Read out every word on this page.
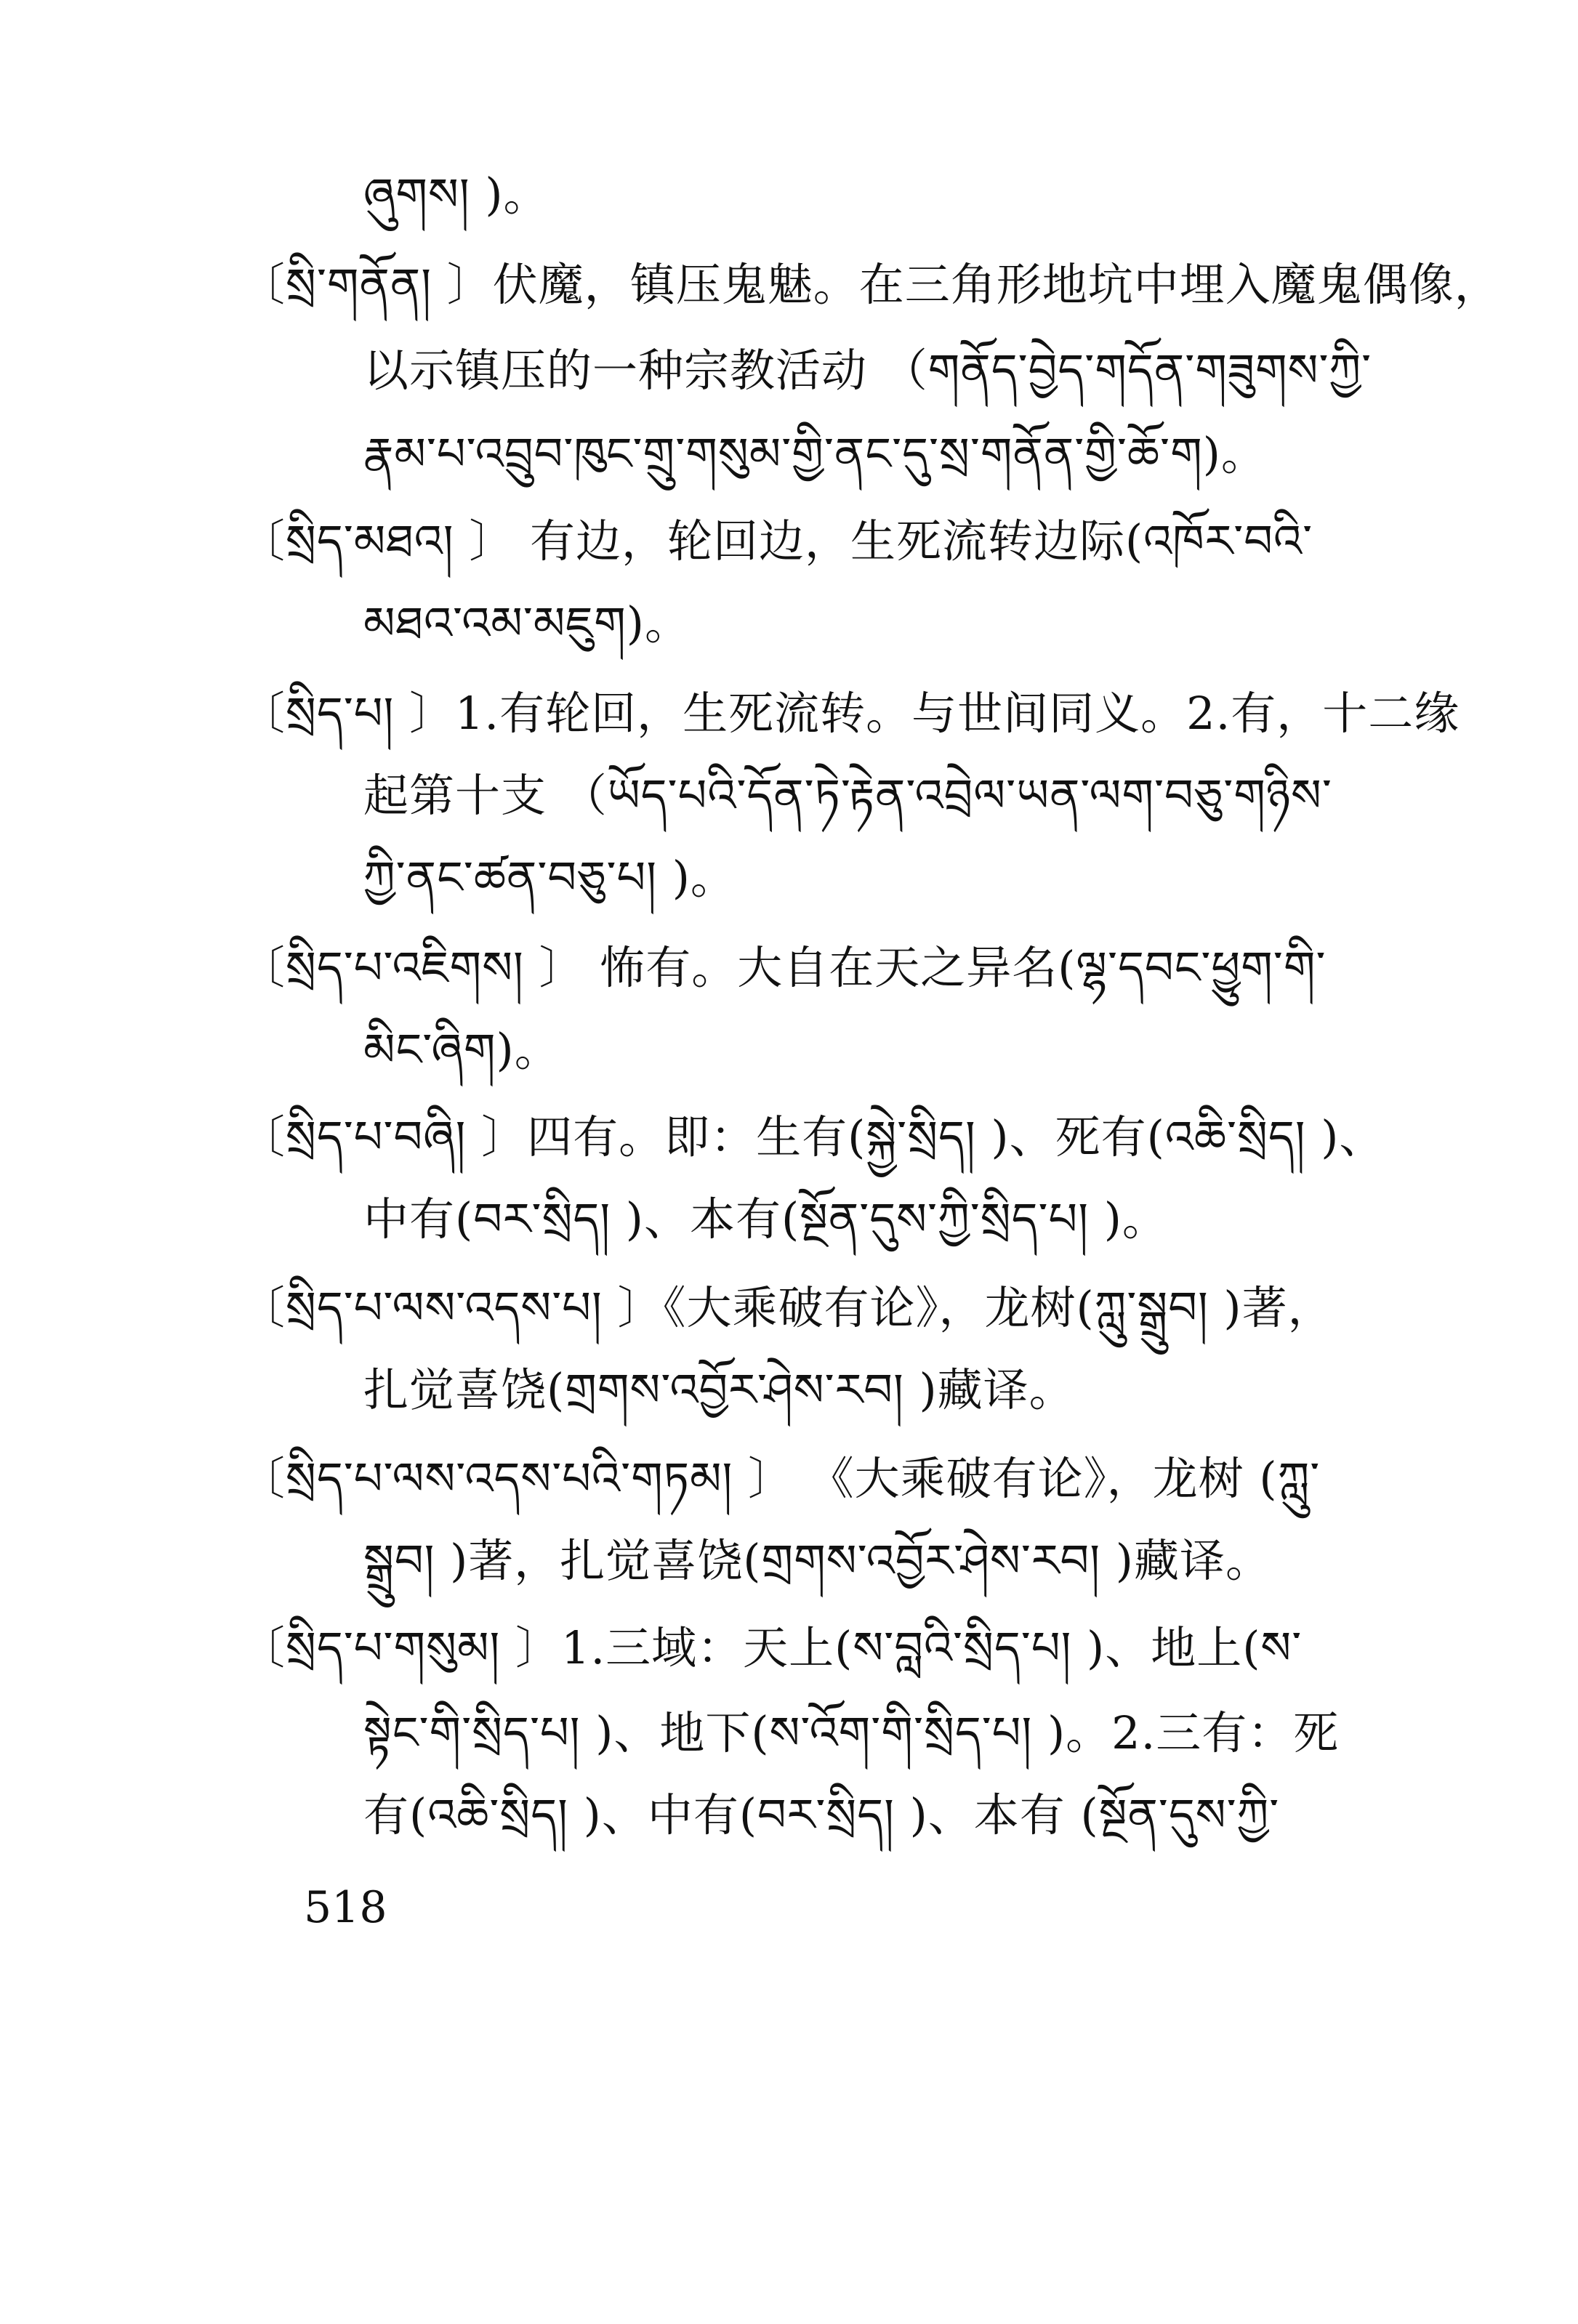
ཞུགས། )。
〔སྲི་གནོན། 〕伏魔，镇压鬼魅。在三角形地坑中埋入魔鬼偶像，
以示镇压的一种宗教活动 （གནོད་བྱེད་གདོན་གཟུགས་ཀྱི་
རྣམ་པ་འབྲུབ་ཁུང་གྲུ་གསུམ་གྱི་ནང་དུ་སྲ་གནོན་གྱི་ཆོ་ག)。
〔སྲིད་མཐའ། 〕 有边，轮回边，生死流转边际(འཁོར་བའི་
མཐའ་འམ་མཇུག)。
〔སྲིད་པ། 〕1.有轮回，生死流转。与世间同义。2.有，十二缘
起第十支 （ཡོད་པའི་དོན་ཏེ་རྟེན་འབྲེལ་ཡན་ལག་བཅུ་གཉིས་
ཀྱི་ནང་ཚན་བཅུ་པ། )。
〔སྲིད་པ་འཇིགས། 〕 怖有。大自在天之异名(ལྷ་དབང་ཕྱུག་གི་
མིང་ཞིག)。
〔སྲིད་པ་བཞི། 〕四有。即：生有(སྐྱེ་སྲིད། )、死有(འཆི་སྲིད། )、
中有(བར་སྲིད། )、本有(སྔོན་དུས་ཀྱི་སྲིད་པ། )。
〔སྲིད་པ་ལས་འདས་པ། 〕《大乘破有论》，龙树(ཀླུ་སྒྲུབ། )著，
扎觉喜饶(གྲགས་འབྱོར་ཤེས་རབ། )藏译。
〔སྲིད་པ་ལས་འདས་པའི་གཏམ། 〕 《大乘破有论》，龙树 (ཀླུ་
སྒྲུབ། )著，扎觉喜饶(གྲགས་འབྱོར་ཤེས་རབ། )藏译。
〔སྲིད་པ་གསུམ། 〕1.三域：天上(ས་བླའི་སྲིད་པ། )、地上(ས་
སྟེང་གི་སྲིད་པ། )、地下(ས་འོག་གི་སྲིད་པ། )。2.三有：死
有(འཆི་སྲིད། )、中有(བར་སྲིད། )、本有 (སྔོན་དུས་ཀྱི་
518
